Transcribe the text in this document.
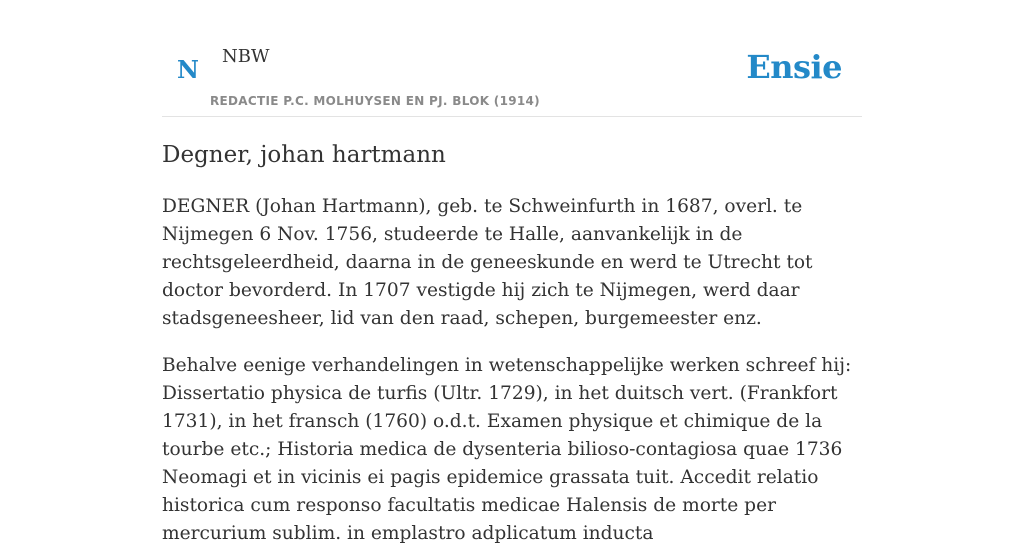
N NBW
REDACTIE P.C. MOLHUYSEN EN PJ. BLOK (1914)
Ensie
Degner, johan hartmann

DEGNER (Johan Hartmann), geb. te Schweinfurth in 1687, overl. te Nijmegen 6 Nov. 1756, studeerde te Halle, aanvankelijk in de rechtsgeleerdheid, daarna in de geneeskunde en werd te Utrecht tot doctor bevorderd. In 1707 vestigde hij zich te Nijmegen, werd daar stadsgeneesheer, lid van den raad, schepen, burgemeester enz.

Behalve eenige verhandelingen in wetenschappelijke werken schreef hij: Dissertatio physica de turfis (Ultr. 1729), in het duitsch vert. (Frankfort 1731), in het fransch (1760) o.d.t. Examen physique et chimique de la tourbe etc.; Historia medica de dysenteria bilioso-contagiosa quae 1736 Neomagi et in vicinis ei pagis epidemice grassata tuit. Accedit relatio historica cum responso facultatis medicae Halensis de morte per mercurium sublim. in emplastro adplicatum inducta
